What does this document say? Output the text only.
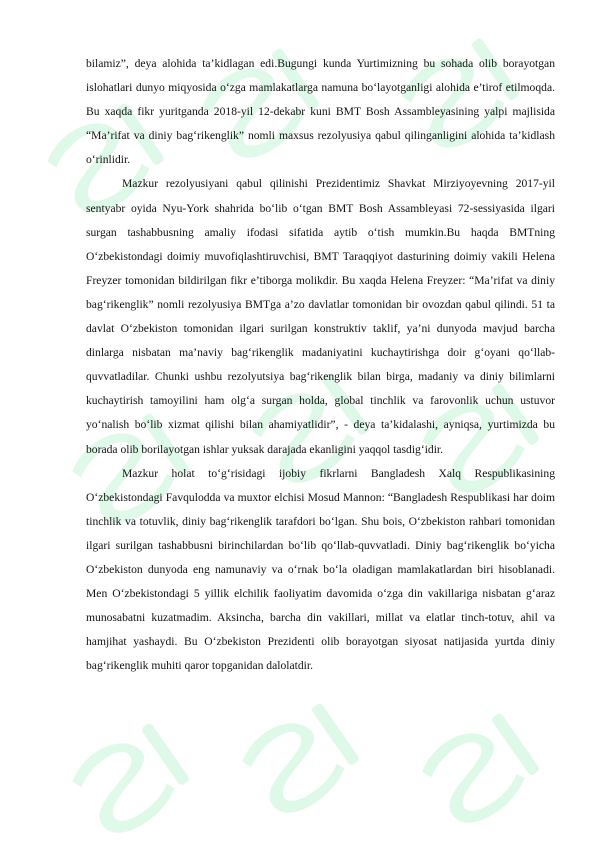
bilamiz”, deya alohida ta’kidlagan edi.Bugungi kunda Yurtimizning bu sohada olib borayotgan islohatlari dunyo miqyosida o‘zga mamlakatlarga namuna bo‘layotganligi alohida e’tirof etilmoqda. Bu xaqda fikr yuritganda 2018-yil 12-dekabr kuni BMT Bosh Assambleyasining yalpi majlisida “Ma’rifat va diniy bag‘rikenglik” nomli maxsus rezolyusiya qabul qilinganligini alohida ta’kidlash o‘rinlidir.

Mazkur rezolyusiyani qabul qilinishi Prezidentimiz Shavkat Mirziyoyevning 2017-yil sentyabr oyida Nyu-York shahrida bo‘lib o‘tgan BMT Bosh Assambleyasi 72-sessiyasida ilgari surgan tashabbusning amaliy ifodasi sifatida aytib o‘tish mumkin.Bu haqda BMTning O‘zbekistondagi doimiy muvofiqlashtiruvchisi, BMT Taraqqiyot dasturining doimiy vakili Helena Freyzer tomonidan bildirilgan fikr e’tiborga molikdir. Bu xaqda Helena Freyzer: “Ma’rifat va diniy bag‘rikenglik” nomli rezolyusiya BMTga a’zo davlatlar tomonidan bir ovozdan qabul qilindi. 51 ta davlat O‘zbekiston tomonidan ilgari surilgan konstruktiv taklif, ya’ni dunyoda mavjud barcha dinlarga nisbatan ma’naviy bag‘rikenglik madaniyatini kuchaytirishga doir g‘oyani qo‘llab-quvvatladilar. Chunki ushbu rezolyutsiya bag‘rikenglik bilan birga, madaniy va diniy bilimlarni kuchaytirish tamoyilini ham olg‘a surgan holda, global tinchlik va farovonlik uchun ustuvor yo‘nalish bo‘lib xizmat qilishi bilan ahamiyatlidir”, - deya ta’kidalashi, ayniqsa, yurtimizda bu borada olib borilayotgan ishlar yuksak darajada ekanligini yaqqol tasdig‘idir.

Mazkur holat to‘g‘risidagi ijobiy fikrlarni Bangladesh Xalq Respublikasining O‘zbekistondagi Favqulodda va muxtor elchisi Mosud Mannon: “Bangladesh Respublikasi har doim tinchlik va totuvlik, diniy bag‘rikenglik tarafdori bo‘lgan. Shu bois, O‘zbekiston rahbari tomonidan ilgari surilgan tashabbusni birinchilardan bo‘lib qo‘llab-quvvatladi. Diniy bag‘rikenglik bo‘yicha O‘zbekiston dunyoda eng namunaviy va o‘rnak bo‘la oladigan mamlakatlardan biri hisoblanadi. Men O‘zbekistondagi 5 yillik elchilik faoliyatim davomida o‘zga din vakillariga nisbatan g‘araz munosabatni kuzatmadim. Aksincha, barcha din vakillari, millat va elatlar tinch-totuv, ahil va hamjihat yashaydi. Bu O‘zbekiston Prezidenti olib borayotgan siyosat natijasida yurtda diniy bag‘rikenglik muhiti qaror topganidan dalolatdir.
